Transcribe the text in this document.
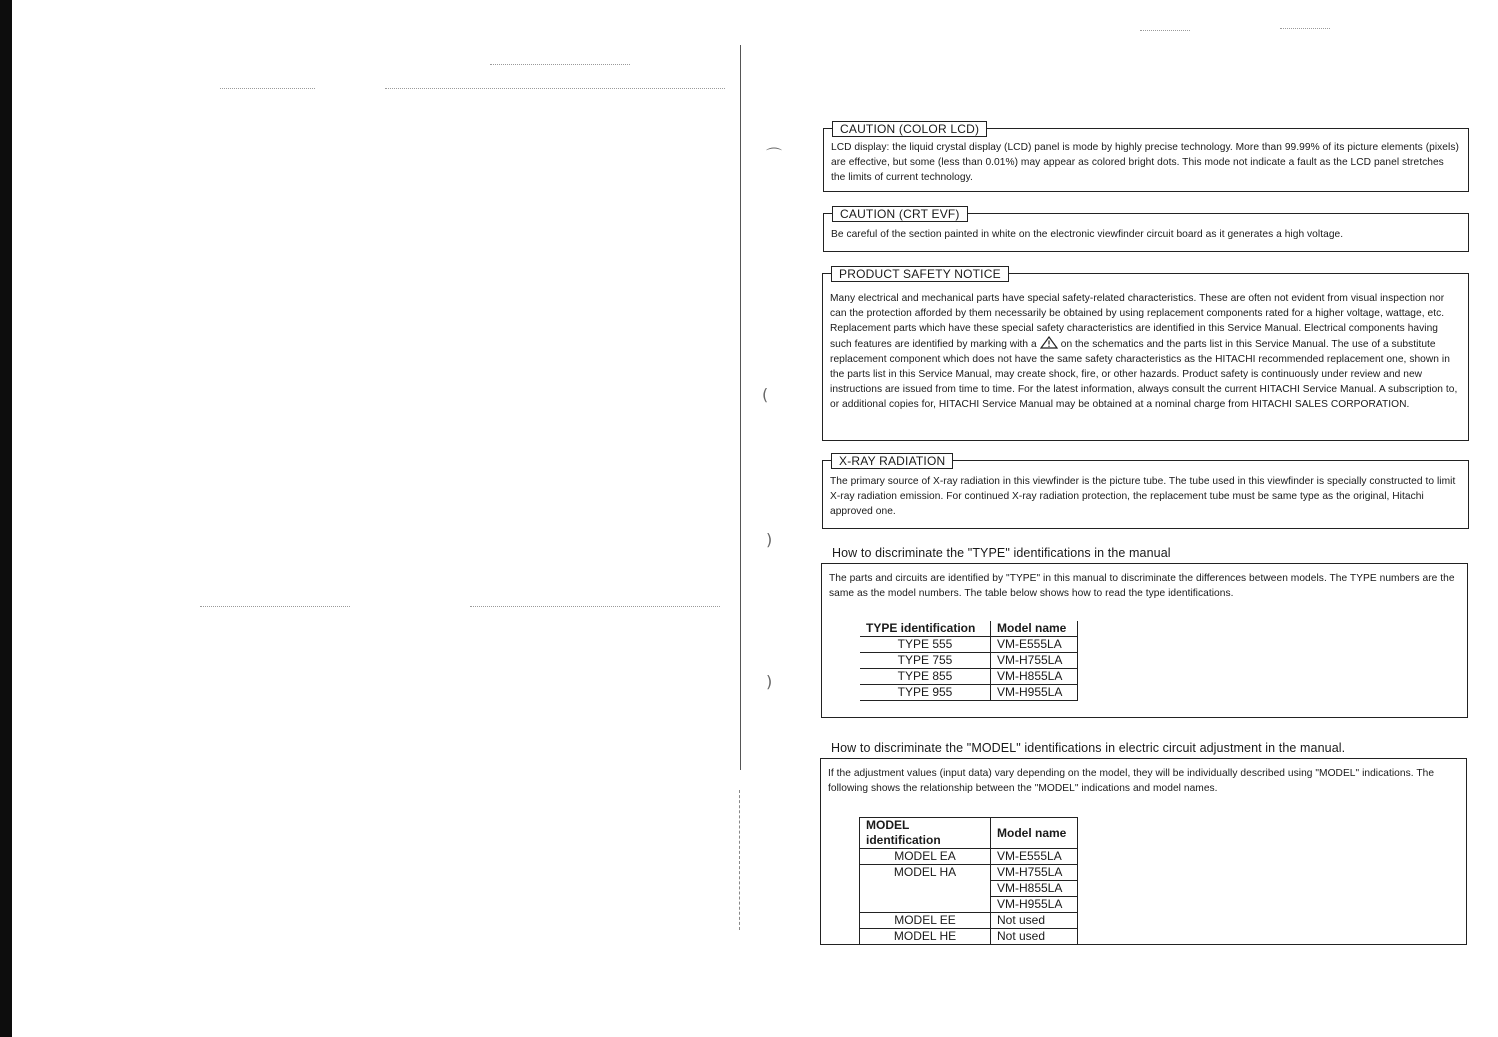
⌒
(
)
)
CAUTION (COLOR LCD)

LCD display: the liquid crystal display (LCD) panel is mode by highly precise technology. More than 99.99% of its picture elements (pixels) are effective, but some (less than 0.01%) may appear as colored bright dots. This mode not indicate a fault as the LCD panel stretches the limits of current technology.

CAUTION (CRT EVF)

Be careful of the section painted in white on the electronic viewfinder circuit board as it generates a high voltage.

PRODUCT SAFETY NOTICE

Many electrical and mechanical parts have special safety-related characteristics. These are often not evident from visual inspection nor can the protection afforded by them necessarily be obtained by using replacement components rated for a higher voltage, wattage, etc. Replacement parts which have these special safety characteristics are identified in this Service Manual. Electrical components having such features are identified by marking with a on the schematics and the parts list in this Service Manual. The use of a substitute replacement component which does not have the same safety characteristics as the HITACHI recommended replacement one, shown in the parts list in this Service Manual, may create shock, fire, or other hazards. Product safety is continuously under review and new instructions are issued from time to time. For the latest information, always consult the current HITACHI Service Manual. A subscription to, or additional copies for, HITACHI Service Manual may be obtained at a nominal charge from HITACHI SALES CORPORATION.

X-RAY RADIATION

The primary source of X-ray radiation in this viewfinder is the picture tube. The tube used in this viewfinder is specially constructed to limit X-ray radiation emission. For continued X-ray radiation protection, the replacement tube must be same type as the original, Hitachi approved one.

How to discriminate the "TYPE" identifications in the manual

The parts and circuits are identified by "TYPE" in this manual to discriminate the differences between models. The TYPE numbers are the same as the model numbers. The table below shows how to read the type identifications.

TYPE identification	Model name
TYPE 555	VM-E555LA
TYPE 755	VM-H755LA
TYPE 855	VM-H855LA
TYPE 955	VM-H955LA
How to discriminate the "MODEL" identifications in electric circuit adjustment in the manual.

If the adjustment values (input data) vary depending on the model, they will be individually described using "MODEL" indications. The following shows the relationship between the "MODEL" indications and model names.

MODEL identification	Model name
MODEL EA	VM-E555LA
MODEL HA	VM-H755LA
	VM-H855LA
	VM-H955LA
MODEL EE	Not used
MODEL HE	Not used
